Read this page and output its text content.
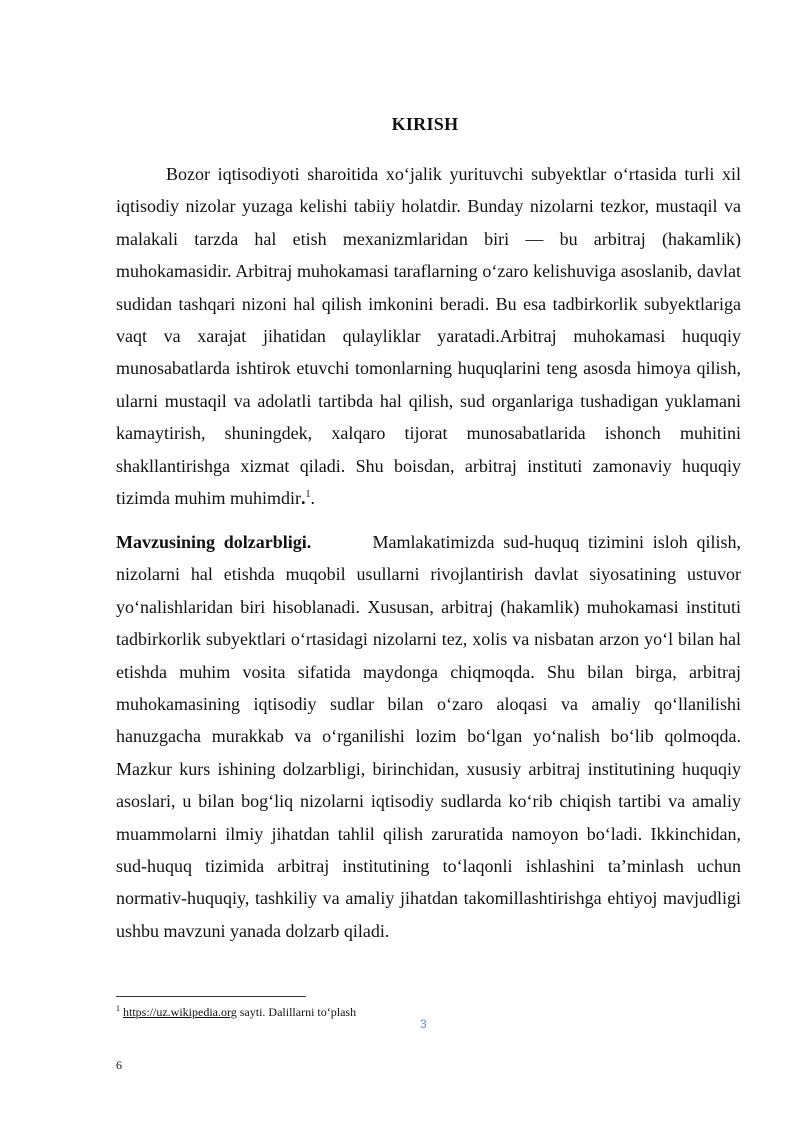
KIRISH

Bozor iqtisodiyoti sharoitida xo‘jalik yurituvchi subyektlar o‘rtasida turli xil iqtisodiy nizolar yuzaga kelishi tabiiy holatdir. Bunday nizolarni tezkor, mustaqil va malakali tarzda hal etish mexanizmlaridan biri — bu arbitraj (hakamlik) muhokamasidir. Arbitraj muhokamasi taraflarning o‘zaro kelishuviga asoslanib, davlat sudidan tashqari nizoni hal qilish imkonini beradi. Bu esa tadbirkorlik subyektlariga vaqt va xarajat jihatidan qulayliklar yaratadi.Arbitraj muhokamasi huquqiy munosabatlarda ishtirok etuvchi tomonlarning huquqlarini teng asosda himoya qilish, ularni mustaqil va adolatli tartibda hal qilish, sud organlariga tushadigan yuklamani kamaytirish, shuningdek, xalqaro tijorat munosabatlarida ishonch muhitini shakllantirishga xizmat qiladi. Shu boisdan, arbitraj instituti zamonaviy huquqiy tizimda muhim muhimdir.$^1$.

Mavzusining dolzarbligi.	Mamlakatimizda sud-huquq tizimini isloh qilish, nizolarni hal etishda muqobil usullarni rivojlantirish davlat siyosatining ustuvor yo‘nalishlaridan biri hisoblanadi. Xususan, arbitraj (hakamlik) muhokamasi instituti tadbirkorlik subyektlari o‘rtasidagi nizolarni tez, xolis va nisbatan arzon yo‘l bilan hal etishda muhim vosita sifatida maydonga chiqmoqda. Shu bilan birga, arbitraj muhokamasining iqtisodiy sudlar bilan o‘zaro aloqasi va amaliy qo‘llanilishi hanuzgacha murakkab va o‘rganilishi lozim bo‘lgan yo‘nalish bo‘lib qolmoqda. Mazkur kurs ishining dolzarbligi, birinchidan, xususiy arbitraj institutining huquqiy asoslari, u bilan bog‘liq nizolarni iqtisodiy sudlarda ko‘rib chiqish tartibi va amaliy muammolarni ilmiy jihatdan tahlil qilish zaruratida namoyon bo‘ladi. Ikkinchidan, sud-huquq tizimida arbitraj institutining to‘laqonli ishlashini ta’minlash uchun normativ-huquqiy, tashkiliy va amaliy jihatdan takomillashtirishga ehtiyoj mavjudligi ushbu mavzuni yanada dolzarb qiladi.

$^1$ https://uz.wikipedia.org sayti. Dalillarni to‘plash
3
6
